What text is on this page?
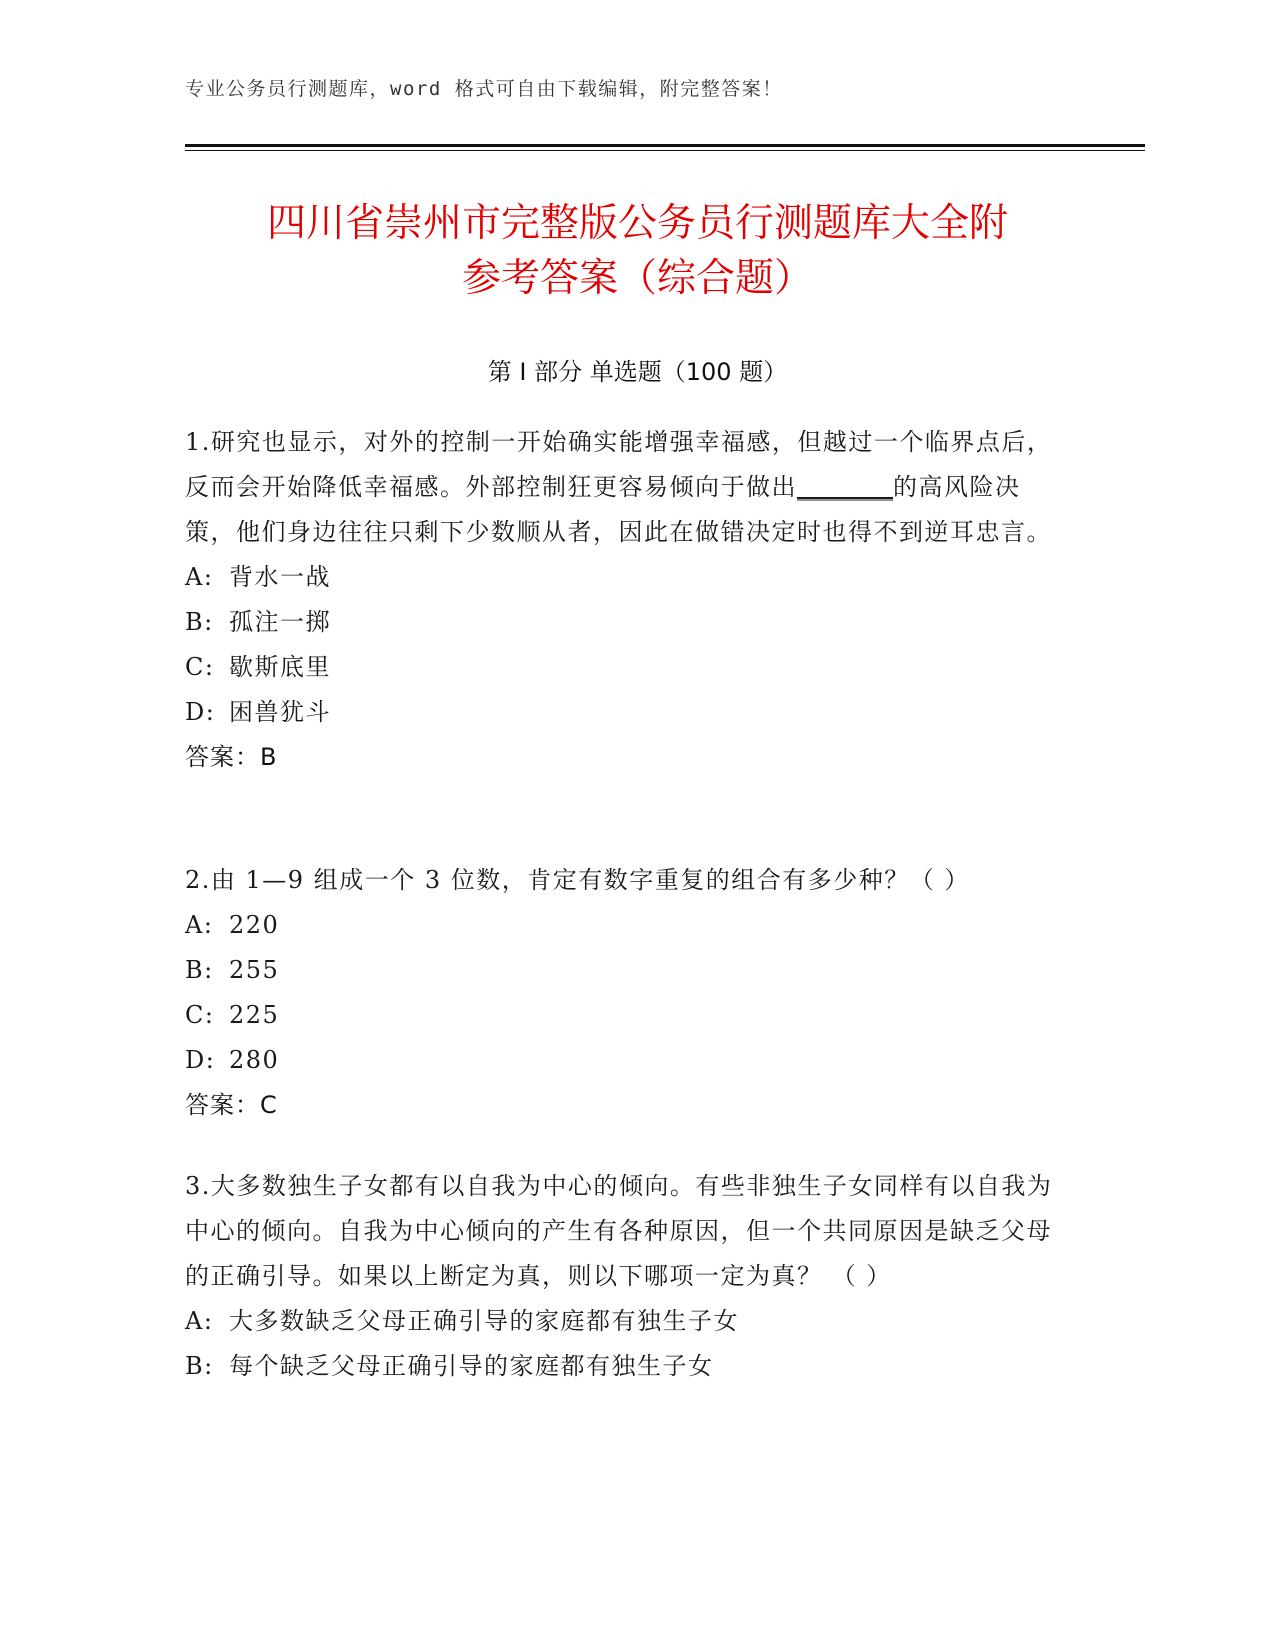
专业公务员行测题库，word 格式可自由下载编辑，附完整答案！
四川省崇州市完整版公务员行测题库大全附
参考答案（综合题）
第 I 部分 单选题（100 题）

1.研究也显示，对外的控制一开始确实能增强幸福感，但越过一个临界点后，反而会开始降低幸福感。外部控制狂更容易倾向于做出________的高风险决策，他们身边往往只剩下少数顺从者，因此在做错决定时也得不到逆耳忠言。

A: 背水一战

B: 孤注一掷

C: 歇斯底里

D: 困兽犹斗

答案：B

2.由 1—9 组成一个 3 位数，肯定有数字重复的组合有多少种？（ ）

A: 220

B: 255

C: 225

D: 280

答案：C

3.大多数独生子女都有以自我为中心的倾向。有些非独生子女同样有以自我为中心的倾向。自我为中心倾向的产生有各种原因，但一个共同原因是缺乏父母的正确引导。如果以上断定为真，则以下哪项一定为真？ （ ）

A: 大多数缺乏父母正确引导的家庭都有独生子女

B: 每个缺乏父母正确引导的家庭都有独生子女
